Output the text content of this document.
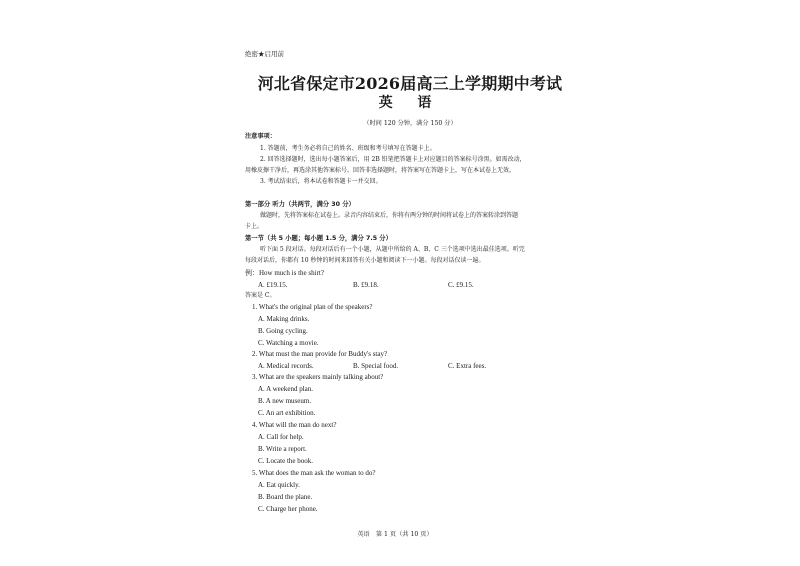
绝密★启用前
河北省保定市2026届高三上学期期中考试
英 语
（时间 120 分钟，满分 150 分）
注意事项：
1. 答题前，考生务必将自己的姓名、班级和考号填写在答题卡上。
2. 回答选择题时，选出每小题答案后，用 2B 铅笔把答题卡上对应题目的答案标号涂黑。如需改动，
用橡皮擦干净后，再选涂其他答案标号。回答非选择题时，将答案写在答题卡上，写在本试卷上无效。
3. 考试结束后，将本试卷和答题卡一并交回。
第一部分 听力（共两节，满分 30 分）
做题时，先将答案标在试卷上。录音内容结束后，你将有两分钟的时间将试卷上的答案转涂到答题
卡上。
第一节（共 5 小题；每小题 1.5 分，满分 7.5 分）
听下面 5 段对话。每段对话后有一个小题，从题中所给的 A、B、C 三个选项中选出最佳选项。听完
每段对话后，你都有 10 秒钟的时间来回答有关小题和阅读下一小题。每段对话仅读一遍。
例：How much is the shirt?
A. £19.15.	B. £9.18.	C. £9.15.
答案是 C。
1. What's the original plan of the speakers?
A. Making drinks.
B. Going cycling.
C. Watching a movie.
2. What must the man provide for Buddy's stay?
A. Medical records.	B. Special food.	C. Extra fees.
3. What are the speakers mainly talking about?
A. A weekend plan.
B. A new museum.
C. An art exhibition.
4. What will the man do next?
A. Call for help.
B. Write a report.
C. Locate the book.
5. What does the man ask the woman to do?
A. Eat quickly.
B. Board the plane.
C. Charge her phone.
英语　第 1 页（共 10 页）
